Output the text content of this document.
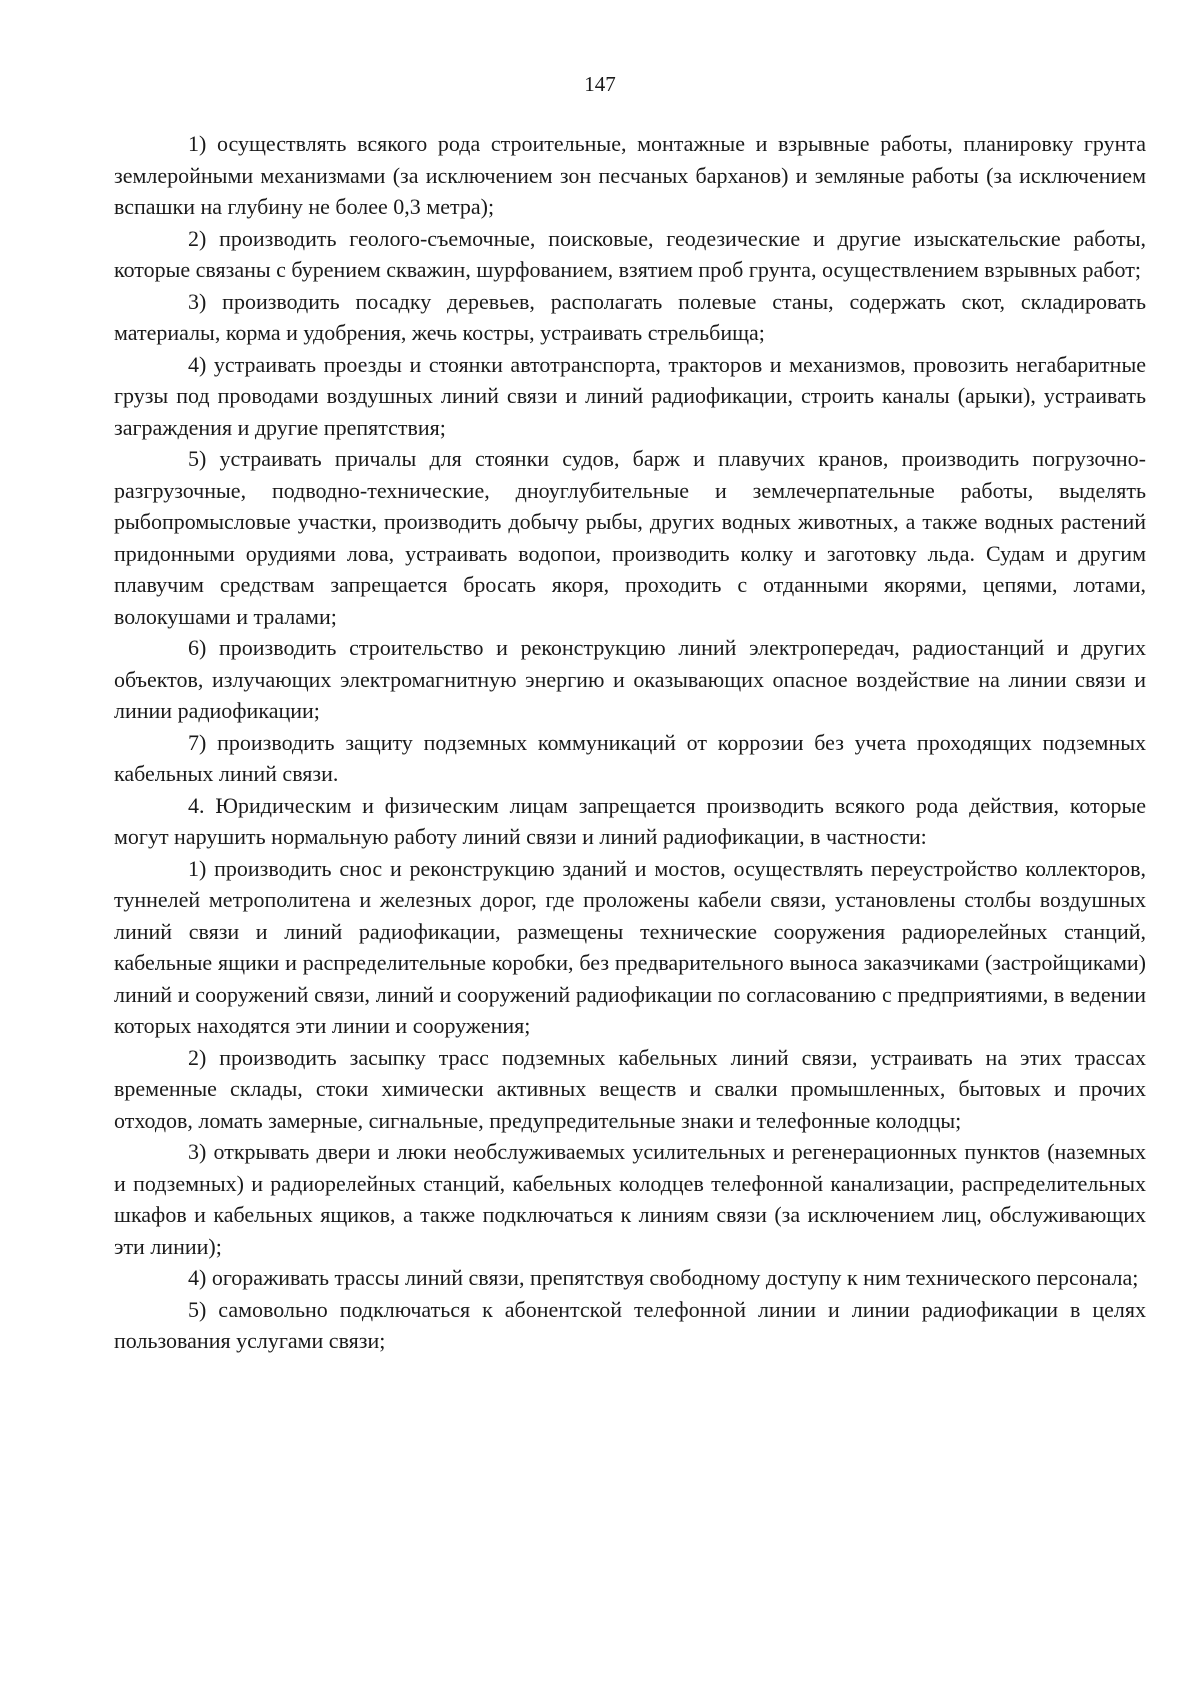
147

1) осуществлять всякого рода строительные, монтажные и взрывные работы, планировку грунта землеройными механизмами (за исключением зон песчаных барханов) и земляные работы (за исключением вспашки на глубину не более 0,3 метра);

2) производить геолого-съемочные, поисковые, геодезические и другие изыскательские работы, которые связаны с бурением скважин, шурфованием, взятием проб грунта, осуществлением взрывных работ;

3) производить посадку деревьев, располагать полевые станы, содержать скот, складировать материалы, корма и удобрения, жечь костры, устраивать стрельбища;

4) устраивать проезды и стоянки автотранспорта, тракторов и механизмов, провозить негабаритные грузы под проводами воздушных линий связи и линий радиофикации, строить каналы (арыки), устраивать заграждения и другие препятствия;

5) устраивать причалы для стоянки судов, барж и плавучих кранов, производить погрузочно-разгрузочные, подводно-технические, дноуглубительные и землечерпательные работы, выделять рыбопромысловые участки, производить добычу рыбы, других водных животных, а также водных растений придонными орудиями лова, устраивать водопои, производить колку и заготовку льда. Судам и другим плавучим средствам запрещается бросать якоря, проходить с отданными якорями, цепями, лотами, волокушами и тралами;

6) производить строительство и реконструкцию линий электропередач, радиостанций и других объектов, излучающих электромагнитную энергию и оказывающих опасное воздействие на линии связи и линии радиофикации;

7) производить защиту подземных коммуникаций от коррозии без учета проходящих подземных кабельных линий связи.

4. Юридическим и физическим лицам запрещается производить всякого рода действия, которые могут нарушить нормальную работу линий связи и линий радиофикации, в частности:

1) производить снос и реконструкцию зданий и мостов, осуществлять переустройство коллекторов, туннелей метрополитена и железных дорог, где проложены кабели связи, установлены столбы воздушных линий связи и линий радиофикации, размещены технические сооружения радиорелейных станций, кабельные ящики и распределительные коробки, без предварительного выноса заказчиками (застройщиками) линий и сооружений связи, линий и сооружений радиофикации по согласованию с предприятиями, в ведении которых находятся эти линии и сооружения;

2) производить засыпку трасс подземных кабельных линий связи, устраивать на этих трассах временные склады, стоки химически активных веществ и свалки промышленных, бытовых и прочих отходов, ломать замерные, сигнальные, предупредительные знаки и телефонные колодцы;

3) открывать двери и люки необслуживаемых усилительных и регенерационных пунктов (наземных и подземных) и радиорелейных станций, кабельных колодцев телефонной канализации, распределительных шкафов и кабельных ящиков, а также подключаться к линиям связи (за исключением лиц, обслуживающих эти линии);

4) огораживать трассы линий связи, препятствуя свободному доступу к ним технического персонала;

5) самовольно подключаться к абонентской телефонной линии и линии радиофикации в целях пользования услугами связи;
